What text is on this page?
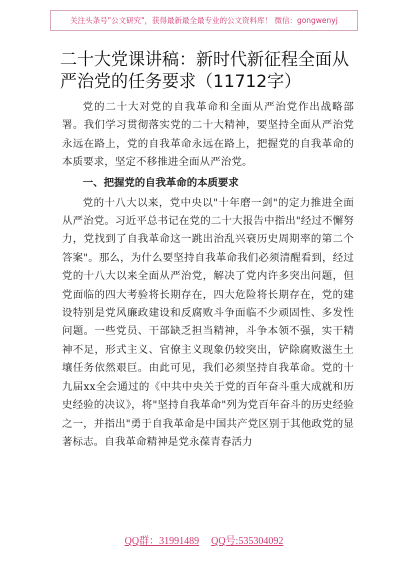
关注头条号"公文研究"，获得最新最全最专业的公文资料库！ 微信：gongwenyj
二十大党课讲稿：新时代新征程全面从严治党的任务要求（11712字）

党的二十大对党的自我革命和全面从严治党作出战略部署。我们学习贯彻落实党的二十大精神，要坚持全面从严治党永远在路上，党的自我革命永远在路上，把握党的自我革命的本质要求，坚定不移推进全面从严治党。

一、把握党的自我革命的本质要求

党的十八大以来，党中央以"十年磨一剑"的定力推进全面从严治党。习近平总书记在党的二十大报告中指出"经过不懈努力，党找到了自我革命这一跳出治乱兴衰历史周期率的第二个答案"。那么，为什么要坚持自我革命我们必须清醒看到，经过党的十八大以来全面从严治党，解决了党内许多突出问题，但党面临的四大考验将长期存在，四大危险将长期存在，党的建设特别是党风廉政建设和反腐败斗争面临不少顽固性、多发性问题。一些党员、干部缺乏担当精神，斗争本领不强，实干精神不足，形式主义、官僚主义现象仍较突出，铲除腐败滋生土壤任务依然艰巨。由此可见，我们必须坚持自我革命。党的十九届xx全会通过的《中共中央关于党的百年奋斗重大成就和历史经验的决议》，将"坚持自我革命"列为党百年奋斗的历史经验之一，并指出"勇于自我革命是中国共产党区别于其他政党的显著标志。自我革命精神是党永葆青春活力

QQ群：31991489 QQ号:535304092
